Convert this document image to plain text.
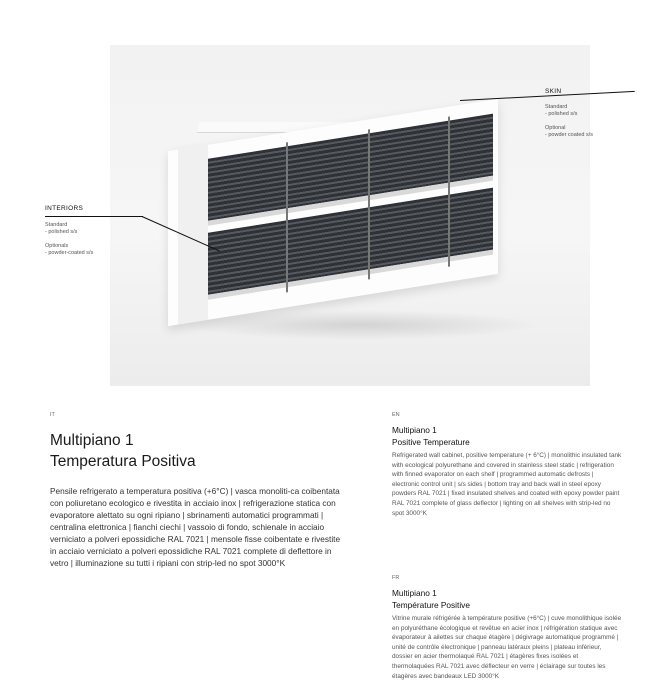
SKIN
Standard
- polished s/s
Optional
- powder coated s/s
INTERIORS
Standard
- polished s/s
Optionals
- powder-coated s/s
IT
Multipiano 1
Temperatura Positiva
Pensile refrigerato a temperatura positiva (+6°C) | vasca monoliti-ca coibentata con poliuretano ecologico e rivestita in acciaio inox | refrigerazione statica con evaporatore alettato su ogni ripiano | sbrinamenti automatici programmati | centralina elettronica | fianchi ciechi | vassoio di fondo, schienale in acciaio verniciato a polveri epossidiche RAL 7021 | mensole fisse coibentate e rivestite in acciaio verniciato a polveri epossidiche RAL 7021 complete di deflettore in vetro | illuminazione su tutti i ripiani con strip-led no spot 3000°K
EN
Multipiano 1
Positive Temperature
Refrigerated wall cabinet, positive temperature (+ 6°C) | monolithic insulated tank with ecological polyurethane and covered in stainless steel static | refrigeration with finned evaporator on each shelf | programmed automatic defrosts | electronic control unit | s/s sides | bottom tray and back wall in steel epoxy powders RAL 7021 | fixed insulated shelves and coated with epoxy powder paint RAL 7021 complete of glass deflector | lighting on all shelves with strip-led no spot 3000°K
FR
Multipiano 1
Température Positive
Vitrine murale réfrigérée à température positive (+6°C) | cuve monolithique isolée en polyuréthane écologique et revêtue en acier inox | réfrigération statique avec évaporateur à ailettes sur chaque étagère | dégivrage automatique programmé | unité de contrôle électronique | panneau latéraux pleins | plateau inférieur, dossier en acier thermolaqué RAL 7021 | étagères fixes isolées et thermolaquées RAL 7021 avec déflecteur en verre | éclairage sur toutes les étagères avec bandeaux LED 3000°K
